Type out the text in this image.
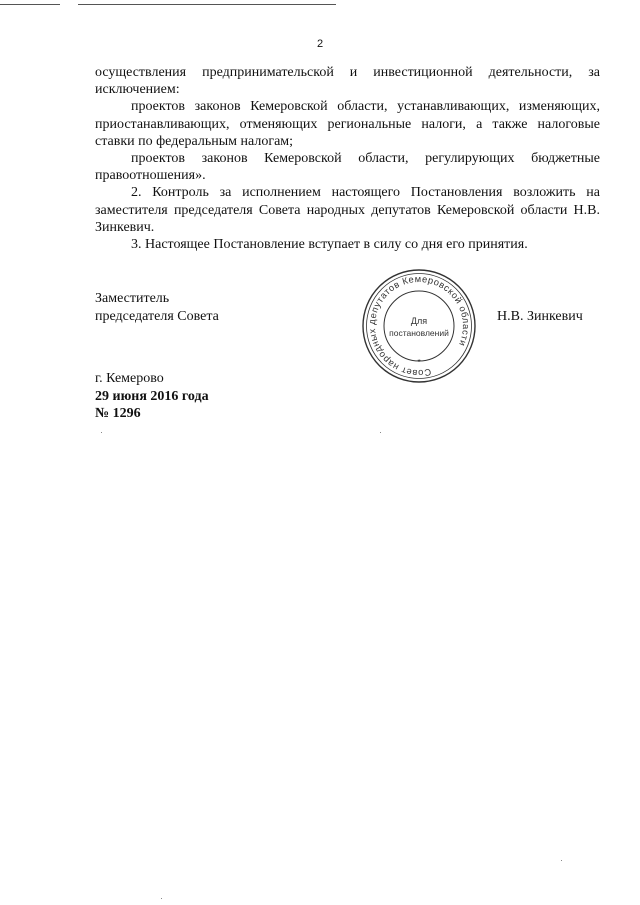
2

осуществления предпринимательской и инвестиционной деятельности, за исключением:

проектов законов Кемеровской области, устанавливающих, изменяющих, приостанавливающих, отменяющих региональные налоги, а также налоговые ставки по федеральным налогам;

проектов законов Кемеровской области, регулирующих бюджетные правоотношения».

2. Контроль за исполнением настоящего Постановления возложить на заместителя председателя Совета народных депутатов Кемеровской области Н.В. Зинкевич.

3. Настоящее Постановление вступает в силу со дня его принятия.

Заместитель
председателя Совета
Совет народных депутатов Кемеровской области
*
Для
постановлений
Н.В. Зинкевич
г. Кемерово
29 июня 2016 года
№ 1296
